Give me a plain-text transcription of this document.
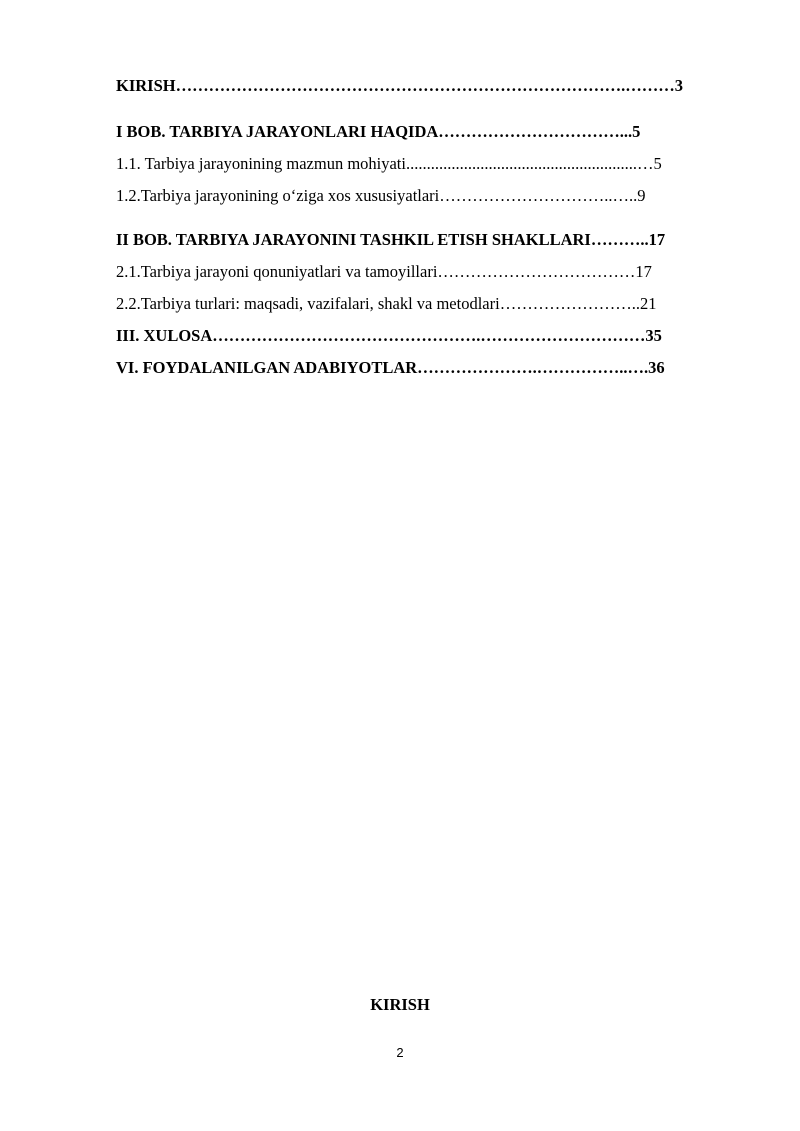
KIRISH……………………………………………………………………….………3
I BOB. TARBIYA JARAYONLARI HAQIDA……………………………...5
1.1. Tarbiya jarayonining mazmun mohiyati........................................................…5
1.2.Tarbiya jarayonining o‘ziga xos xususiyatlari…………………………..…..9
II BOB. TARBIYA JARAYONINI TASHKIL ETISH SHAKLLARI………..17
2.1.Tarbiya jarayoni qonuniyatlari va tamoyillari………………………………17
2.2.Tarbiya turlari: maqsadi, vazifalari, shakl va metodlari……………………..21
III. XULOSA………………………………………….…………………………35
VI. FOYDALANILGAN ADABIYOTLAR………………….……………..….36
KIRISH
2
